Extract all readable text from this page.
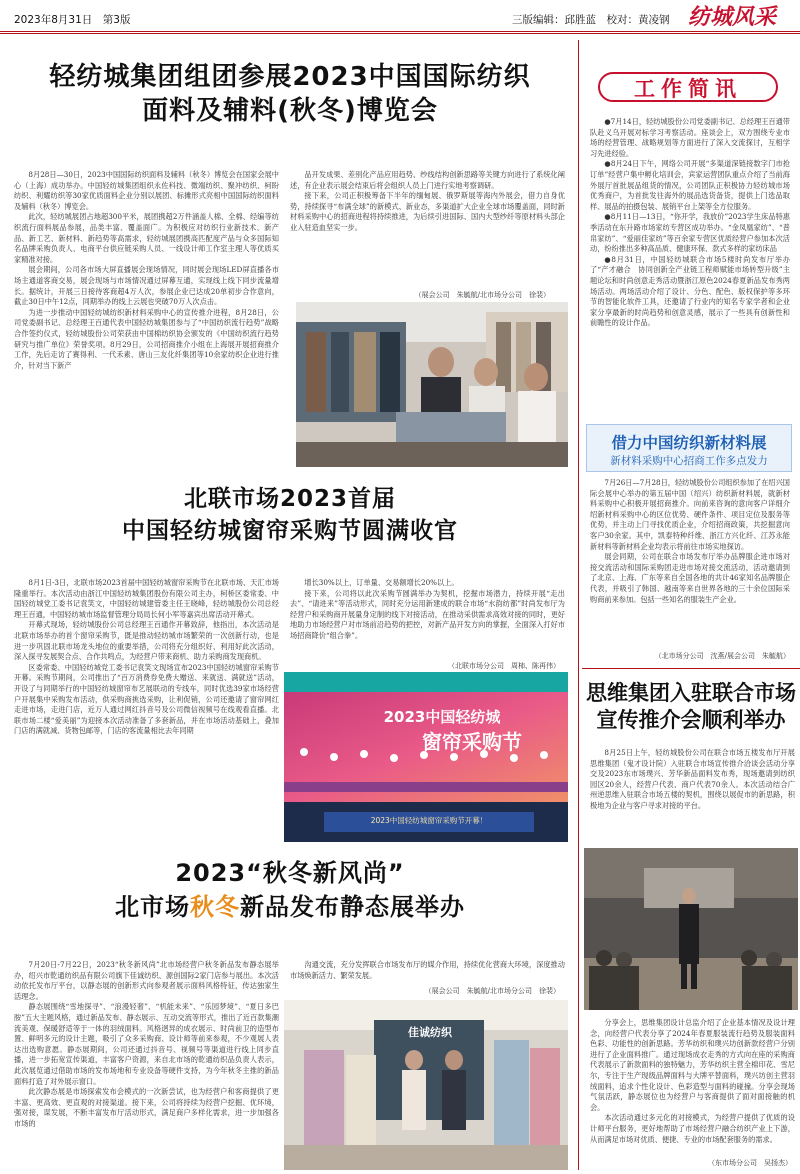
2023年8月31日　第3版	三版编辑：邱胜蓝　校对：黄凌钢 纺城风采
轻纺城集团组团参展2023中国国际纺织
面料及辅料(秋冬)博览会

8月28日—30日，2023中国国际纺织面料及辅料（秋冬）博览会在国家会展中心（上海）成功举办。中国轻纺城集团组织永佐科技、微端纺织、聚冲纺织、柯盼纺织、利耀纺织等30家优质面料企业分别以展团、标摊形式亮相中国国际纺织面料及辅料（秋冬）博览会。

此次，轻纺城展团占地超300平米，展团携超2万件涵盖人棉、全棉、经编等纺织流行面料展品参展，品类丰富、覆盖面广。为积极应对纺织行业新技术、新产品、新工艺、新材料、新趋势等高需求，轻纺城展团携高匹配度产品与众多国际知名品牌采购负责人、电商平台供应链采购人员、一线设计师工作室主理人等优质买家精准对接。

展会期间，公司各市场大屏直播展会现场情况，同时展会现场LED屏直播各市场主通道客商交易，展会现场与市场情况通过屏幕互通，实现线上线下同步流量增长。据统计，开展三日接待客商超4万人次，参展企业已达成20单初步合作意向，截止30日中午12点，同期举办的线上云展也突破70万人次点击。

为进一步推动中国轻纺城纺织新材料采购中心的宣传推介进程，8月28日，公司党委副书记、总经理王百通代表中国轻纺城集团参与了“中国纺织流行趋势”战略合作签约仪式，轻纺城股份公司荣获由中国棉纺织协会颁发的《中国纺织流行趋势研究与推广单位》荣誉奖项。8月29日，公司招商推介小组在上海展开展招商推介工作，先后走访了赛得利、一代禾素、唐山三友化纤集团等10余家纺织企业进行推介，针对当下新产

品开发成果、差别化产品应用趋势、纱线结构创新思路等关键方向进行了系统化阐述，有企业表示展会结束后将会组织人员上门进行实地考察调研。

接下来，公司正积极筹备下半年的缅甸展、俄罗斯展等海内外展会，借力自身优势，持续探寻“布满全球”的新模式、新业态，多渠道扩大企业全球市场覆盖面，同时新材料采购中心的招商进程将持续推进，为后续引进国际、国内大型纱纤等原材料头部企业入驻造血坚实一步。

（展会公司　朱毓航/北市场分公司　徐裴）
北联市场2023首届
中国轻纺城窗帘采购节圆满收官

8月1日-3日，北联市场2023首届中国轻纺城窗帘采购节在北联市场、天汇市场隆重举行。本次活动由浙江中国轻纺城集团股份有限公司主办，柯桥区委常委、中国轻纺城党工委书记袁笑文，中国轻纺城建管委主任王晓峰，轻纺城股份公司总经理王百通，中国轻纺城市场监督管理分局局长何小军等嘉宾出席活动开幕式。

开幕式现场，轻纺城股份公司总经理王百通作开幕致辞，他指出，本次活动是北联市场举办的首个窗帘采购节，既是推动轻纺城市场繁荣的一次创新行动，也是进一步巩固北联市场龙头地位的重要举措，公司将充分组织好、利用好此次活动，深入探寻发展契合点、合作共鸣点，为经营户带来商机、助力采购商发现商机。

区委常委、中国轻纺城党工委书记袁笑文现场宣布2023中国轻纺城窗帘采购节开幕。采购节期间，公司推出了“百万消费券免费大赠送、来就送、满就送”活动，开设了与同期举行的中国轻纺城窗帘布艺展联动的专线车，同时优选39家市场经营户开展集中采购发布活动，供采购商挑选采购，让利促销，公司还邀请了窗帘网红走进市场，走进门店，近万人通过网红抖音号及公司微信视频号在线观看直播。北联市场二楼“爱美丽”为迎接本次活动准备了多套新品，并在市场活动基础上，叠加门店的满就减、货物包邮等，门店的客流量相比去年同期

增长30%以上，订单量、交易额增长20%以上。

接下来，公司将以此次采购节圆满举办为契机，挖掘市场潜力，持续开展“走出去”、“请进来”等活动形式，同时充分运用新建成的联合市场“水韵纺都”时尚发布厅为经营户和采购商开展量身定制的线下对接活动，在推动采供需求高效对接的同时，更好地助力市场经营户对市场前沿趋势的把控，对新产品开发方向的掌握，全面深入打好市场招商降价“组合拳”。

（北联市场分公司　周柿、陈再伟）
2023中国轻纺城
窗帘采购节
2023中国轻纺城窗帘采购节开幕！
2023“秋冬新风尚”
北市场秋冬新品发布静态展举办

7月20日-7月22日，2023“秋冬新风尚”北市场经营户秋冬新品发布静态展举办，绍兴市乾通纺织品有限公司旗下佳诚纺织、源创国际2家门店参与展出。本次活动依托发布厅平台，以静态展的创新形式向参观者展示面料风格特征，传达独家生活理念。

静态展围绕“雪地探寻”、“浪漫轻奢”、“机能未来”、“乐园梦境”、“夏日多巴胺”五大主题风格，通过新品发布、静态展示、互动交流等形式，推出了近百款集潮流美观、保暖舒适等于一体的羽绒面料。风格迥异的成衣展示、时尚前卫的造型布置、鲜明多元的设计主题，吸引了众多采购商、设计师等前来参观，不少观展人表达出选购意愿。静态展期间，公司还通过抖音号、视频号等渠道进行线上同步直播，进一步拓宽宣传渠道，丰富客户资源，来自北市场的乾通纺织品负责人表示，此次展览通过借助市场的发布场地和专业设备等硬件支持，为今年秋冬主推的新品面料打造了对外展示窗口。

此次静态展是市场探索发布会模式的一次新尝试，也为经营户和客商提供了更丰富、更高效、更直观的对接渠道。接下来，公司将持续为经营户挖掘、优环境，强对接，谋发展，不断丰富发布厅活动形式，满足商户多样化需求，进一步加强各市场的

沟通交流，充分发挥联合市场发布厅的媒介作用，持续优化营商大环境，深度推动市场焕新活力、繁荣发展。

（展会公司　朱毓航/北市场分公司　徐裴）
佳诚纺织
工作简讯

●7月14日，轻纺城股份公司党委副书记、总经理王百通带队赴义乌开展对标学习考察活动。座谈会上，双方围绕专业市场的经营管理、战略规划等方面进行了深入交流探讨，互相学习先进经验。

●8月24日下午，网络公司开展“多渠道深链接数字门市抢订单”经营户集中孵化培训会，宾家运营团队重点介绍了当前海外展厅首批展品组货的情况，公司团队正积极协力轻纺城市场优秀商户，为首批发往海外的展品选货备货，提供上门选品取样、展品的拍摄包装、展销平台上架等全方位服务。

●8月11日—13日，“你开学，我放价”2023学生床品特惠季活动在东升路市场家纺专营区成功举办。“金凤凰家纺”、“普帛家纺”、“爱丽佳家纺”等百余家专营区优质经营户参加本次活动，纷纷推出多种高品质、健康环保、款式多样的家纺床品

●8月31日，中国轻纺城联合市场5楼时尚发布厅举办了“产才融合　协同创新全产业链工程师赋能市场转型升级”主题论坛和时尚创意走秀活动暨浙江原色2024春夏新品发布秀两场活动。两场活动介绍了设计、分色、配色、版权保护等多环节的智能化软件工具，还邀请了行业内的知名专家学者和企业家分享最新的时尚趋势和创意灵感，展示了一些具有创新性和前瞻性的设计作品。

借力中国纺织新材料展
新材料采购中心招商工作多点发力

7月26日—7月28日，轻纺城股份公司组织参加了在绍兴国际会展中心举办的第五届中国（绍兴）纺织新材料展，就新材料采购中心积极开展招商推介。向前来咨询的意向客户详细介绍新材料采购中心的区位优势、硬件条件、项目定位及服务等优势，并主动上门寻找优质企业，介绍招商政策，共挖掘意向客户30余家。其中，凯泰特种纤维、浙江方兴化纤、江苏永能新材料等新材料企业均表示将前往市场实地探访。

展会同期，公司在联合市场发布厅举办品牌服企进市场对接交流活动和国际采购团走进市场对接交流活动，活动邀请到了北京、上海、广东等来自全国各地的共计46家知名品牌服企代表，并吸引了韩国、越南等来自世界各地的三十余位国际采购商前来参加。包括一些知名的服装生产企业。

（北市场分公司　沈燕/展会公司　朱毓航）
思维集团入驻联合市场
宣传推介会顺利举办

8月25日上午，轻纺城股份公司在联合市场五楼发布厅开展思维集团（鬼才设计院）入驻联合市场宣传推介洽谈会活动分享交及2023东市场璞兴、芳华新品面料发布秀，现场邀请到纺织园区20余人，经营户代表、商户代表70余人。本次活动结合广州逆思维入驻联合市场五楼的契机，围绕以展促市的新思路，积极地为企业与客户寻求对接的平台。

分享会上，思维集团设计总监介绍了企业基本情况及设计理念，向经营户代表分享了2024年春夏服装流行趋势及服装面料色彩、功能性的创新思路。芳华纺织和璞兴坊创新款经营户分别进行了企业面料推广。通过现场成衣走秀的方式向在座的采购商代表展示了新款面料的独特魅力，芳华纺织主营全棉印花、雪尼尔，专注于生产现级品牌面料与大牌平替面料，璞兴坊创主营羽绒面料，追求个性化设计、色彩造型与面料的碰撞。分享会现场气氛活跃，静态展位也为经营户与客商提供了面对面接触的机会。

本次活动通过多元化的对接模式，为经营户提供了优质的设计师平台服务，更好地帮助了市场经营户融合纺织产业上下游，从而满足市场对优质、便捷、专业的市场配套服务的需求。

（东市场分公司　吴扬杰）
